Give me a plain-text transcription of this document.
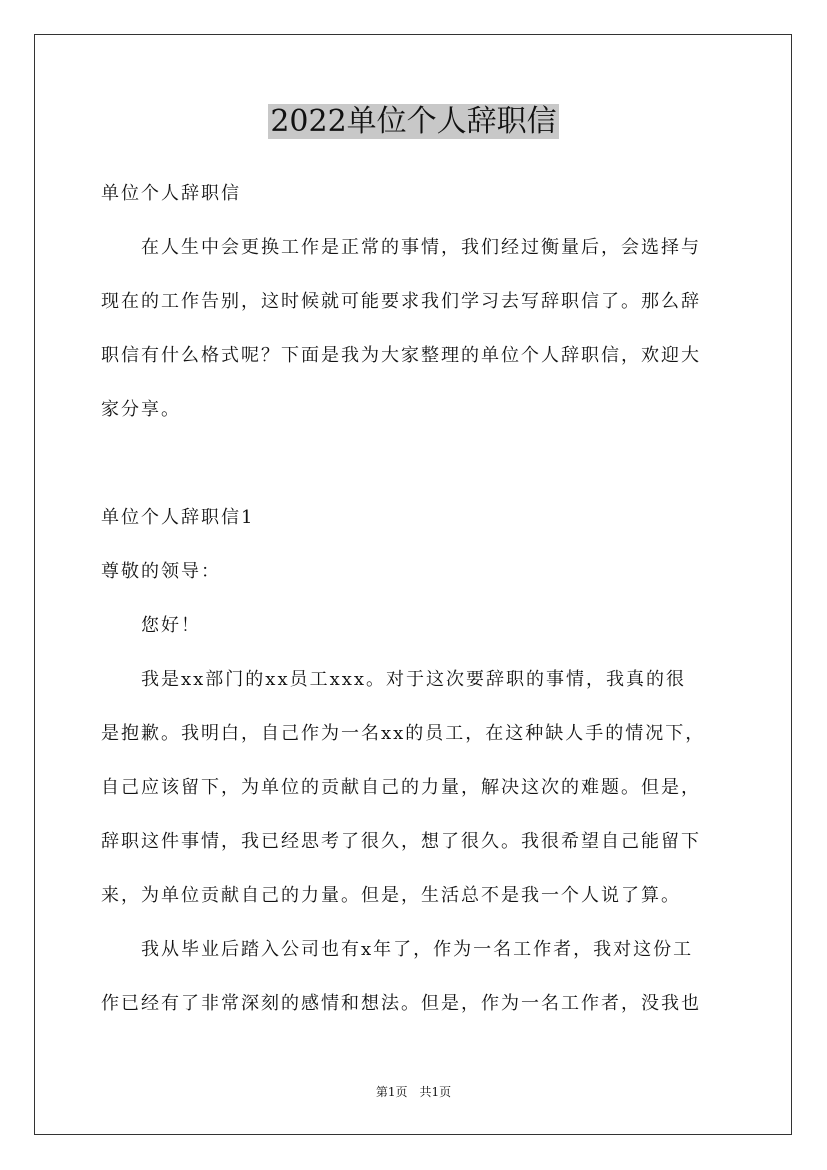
2022单位个人辞职信
单位个人辞职信
　　在人生中会更换工作是正常的事情，我们经过衡量后，会选择与
现在的工作告别，这时候就可能要求我们学习去写辞职信了。那么辞
职信有什么格式呢？下面是我为大家整理的单位个人辞职信，欢迎大
家分享。
单位个人辞职信1
尊敬的领导：
　　您好！
　　我是xx部门的xx员工xxx。对于这次要辞职的事情，我真的很
是抱歉。我明白，自己作为一名xx的员工，在这种缺人手的情况下，
自己应该留下，为单位的贡献自己的力量，解决这次的难题。但是，
辞职这件事情，我已经思考了很久，想了很久。我很希望自己能留下
来，为单位贡献自己的力量。但是，生活总不是我一个人说了算。
　　我从毕业后踏入公司也有x年了，作为一名工作者，我对这份工
作已经有了非常深刻的感情和想法。但是，作为一名工作者，没我也
第1页　共1页
